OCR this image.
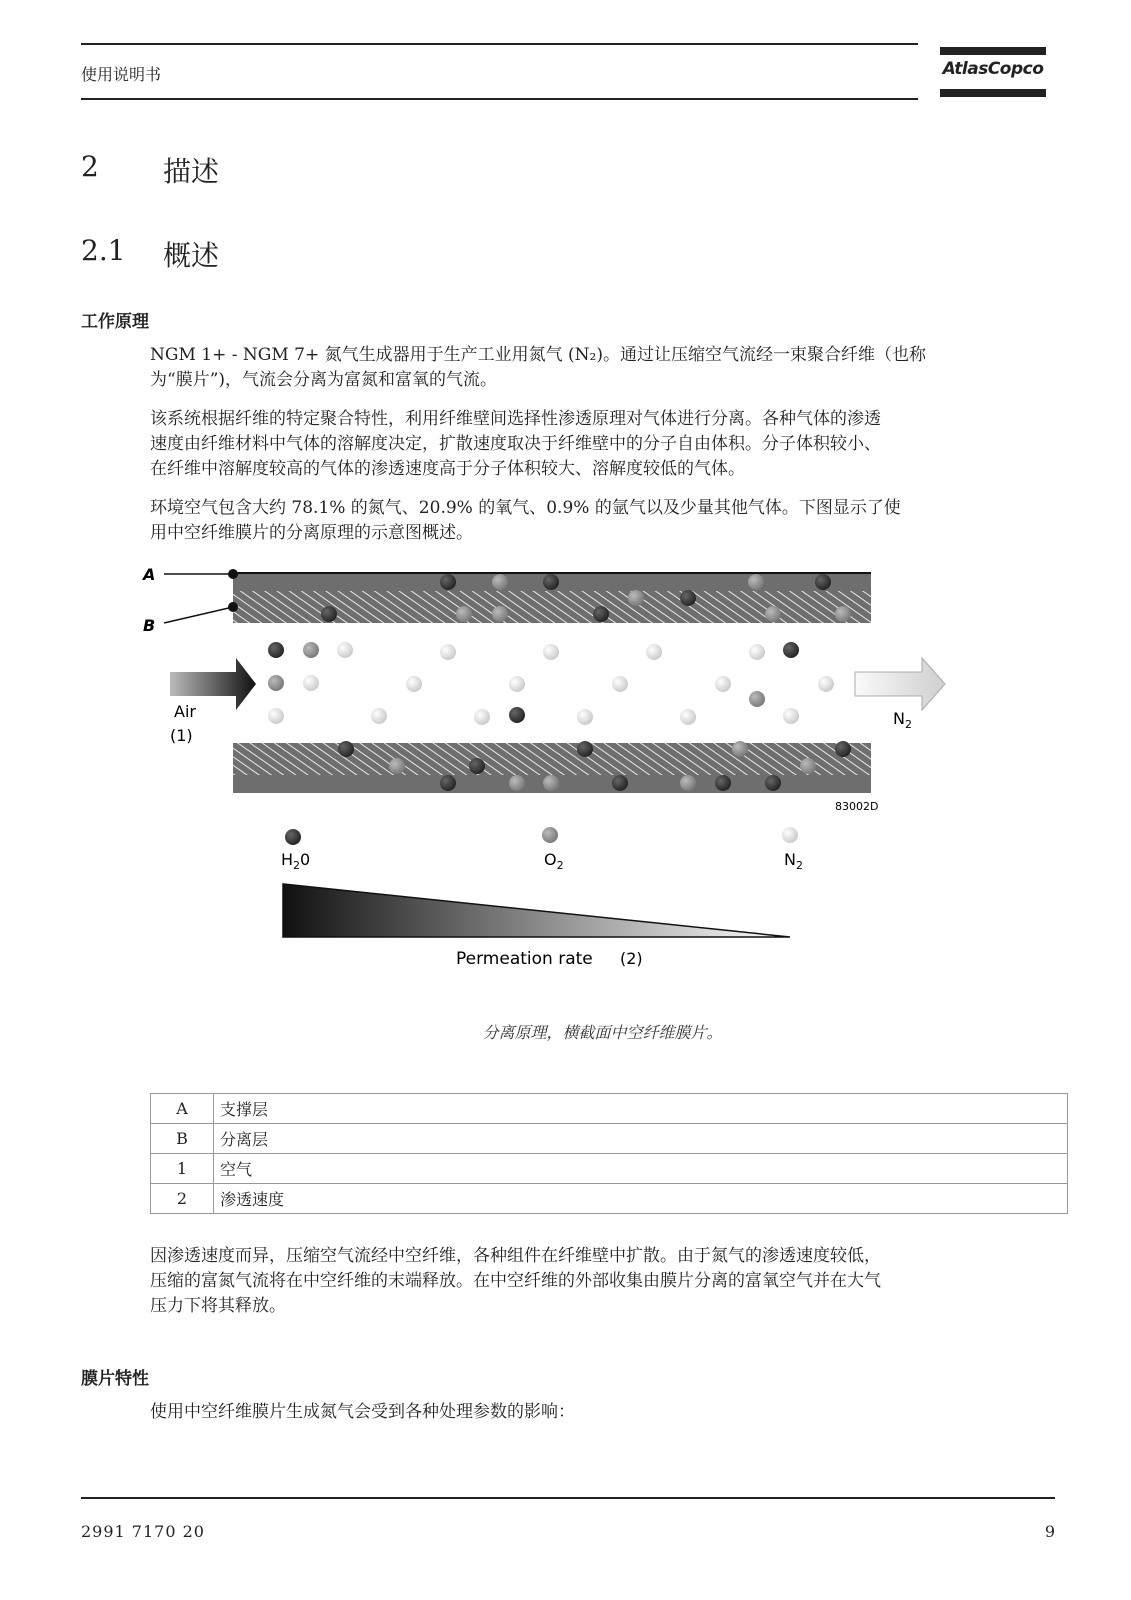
使用说明书	AtlasCopco
2 描述
2.1 概述
工作原理
NGM 1+ - NGM 7+ 氮气生成器用于生产工业用氮气 (N₂)。通过让压缩空气流经一束聚合纤维（也称
为“膜片”)，气流会分离为富氮和富氧的气流。
该系统根据纤维的特定聚合特性，利用纤维壁间选择性渗透原理对气体进行分离。各种气体的渗透
速度由纤维材料中气体的溶解度决定，扩散速度取决于纤维壁中的分子自由体积。分子体积较小、
在纤维中溶解度较高的气体的渗透速度高于分子体积较大、溶解度较低的气体。
环境空气包含大约 78.1% 的氮气、20.9% 的氧气、0.9% 的氩气以及少量其他气体。下图显示了使
用中空纤维膜片的分离原理的示意图概述。
A
B
Air
(1)
$N_2$
83002D
$H_20$	$O_2$	$N_2$
Permeation rate (2)
分离原理，横截面中空纤维膜片。
A	支撑层
B	分离层
1	空气
2	渗透速度
因渗透速度而异，压缩空气流经中空纤维，各种组件在纤维壁中扩散。由于氮气的渗透速度较低，
压缩的富氮气流将在中空纤维的末端释放。在中空纤维的外部收集由膜片分离的富氧空气并在大气
压力下将其释放。
膜片特性
使用中空纤维膜片生成氮气会受到各种处理参数的影响：
2991 7170 20	9
